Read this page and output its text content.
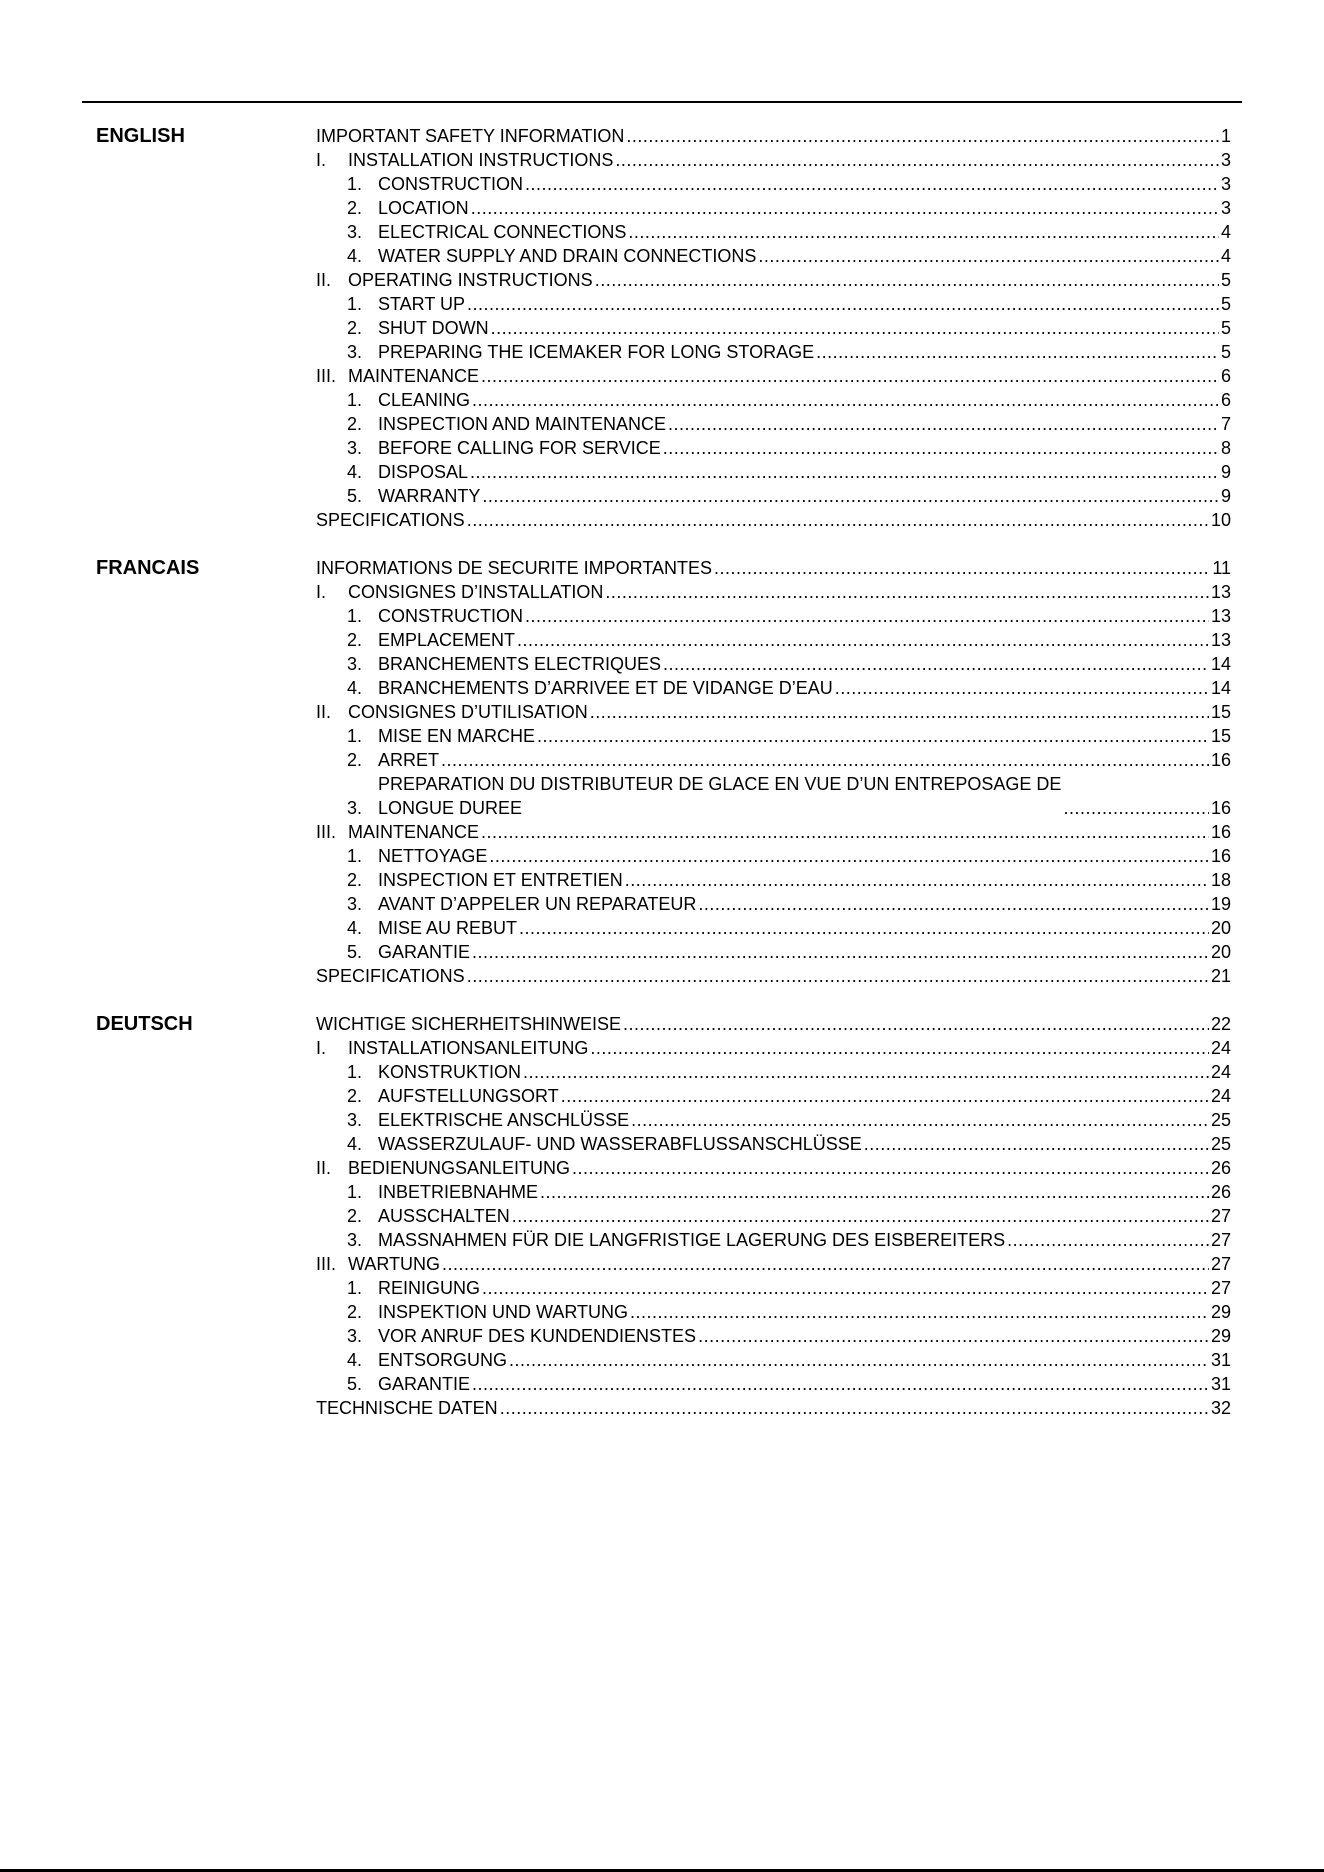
ENGLISH	IMPORTANT SAFETY INFORMATION .....	1
I.	INSTALLATION INSTRUCTIONS .....	3
1. CONSTRUCTION .....	3
2. LOCATION .....	3
3. ELECTRICAL CONNECTIONS .....	4
4. WATER SUPPLY AND DRAIN CONNECTIONS .....	4
II. OPERATING INSTRUCTIONS .....	5
1. START UP .....	5
2. SHUT DOWN .....	5
3. PREPARING THE ICEMAKER FOR LONG STORAGE .....	5
III. MAINTENANCE .....	6
1. CLEANING .....	6
2. INSPECTION AND MAINTENANCE .....	7
3. BEFORE CALLING FOR SERVICE .....	8
4. DISPOSAL .....	9
5. WARRANTY .....	9
SPECIFICATIONS .....	10
FRANCAIS	INFORMATIONS DE SECURITE IMPORTANTES .....	11
I.	CONSIGNES D’INSTALLATION .....	13
1. CONSTRUCTION .....	13
2. EMPLACEMENT .....	13
3. BRANCHEMENTS ELECTRIQUES .....	14
4. BRANCHEMENTS D’ARRIVEE ET DE VIDANGE D’EAU .....	14
II. CONSIGNES D’UTILISATION .....	15
1. MISE EN MARCHE .....	15
2. ARRET .....	16
3.
PREPARATION DU DISTRIBUTEUR DE GLACE EN VUE D’UN ENTREPOSAGE DE
LONGUE DUREE .....	16
III. MAINTENANCE .....	16
1. NETTOYAGE .....	16
2. INSPECTION ET ENTRETIEN .....	18
3. AVANT D’APPELER UN REPARATEUR .....	19
4. MISE AU REBUT .....	20
5. GARANTIE .....	20
SPECIFICATIONS .....	21
DEUTSCH	WICHTIGE SICHERHEITSHINWEISE .....	22
I.	INSTALLATIONSANLEITUNG .....	24
1. KONSTRUKTION .....	24
2. AUFSTELLUNGSORT .....	24
3. ELEKTRISCHE ANSCHLÜSSE .....	25
4. WASSERZULAUF- UND WASSERABFLUSSANSCHLÜSSE .....	25
II. BEDIENUNGSANLEITUNG .....	26
1. INBETRIEBNAHME .....	26
2. AUSSCHALTEN .....	27
3. MASSNAHMEN FÜR DIE LANGFRISTIGE LAGERUNG DES EISBEREITERS .....	27
III. WARTUNG .....	27
1. REINIGUNG .....	27
2. INSPEKTION UND WARTUNG .....	29
3. VOR ANRUF DES KUNDENDIENSTES .....	29
4. ENTSORGUNG .....	31
5. GARANTIE .....	31
TECHNISCHE DATEN .....	32
